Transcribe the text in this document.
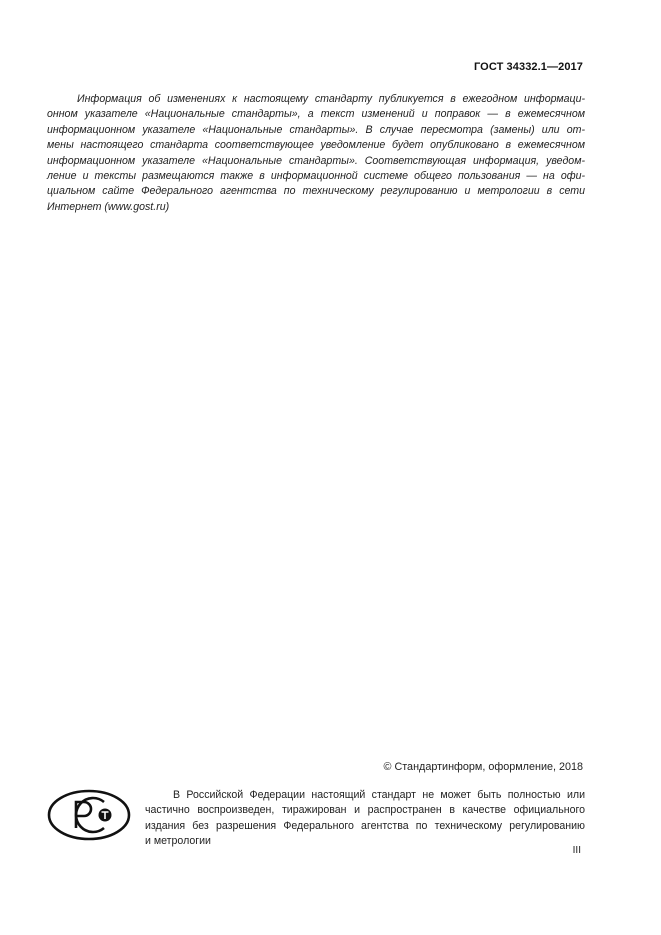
ГОСТ 34332.1—2017
Информация об изменениях к настоящему стандарту публикуется в ежегодном информаци-
онном указателе «Национальные стандарты», а текст изменений и поправок — в ежемесячном
информационном указателе «Национальные стандарты». В случае пересмотра (замены) или от-
мены настоящего стандарта соответствующее уведомление будет опубликовано в ежемесячном
информационном указателе «Национальные стандарты». Соответствующая информация, уведом-
ление и тексты размещаются также в информационной системе общего пользования — на офи-
циальном сайте Федерального агентства по техническому регулированию и метрологии в сети
Интернет (www.gost.ru)
© Стандартинформ, оформление, 2018
В Российской Федерации настоящий стандарт не может быть полностью или
частично воспроизведен, тиражирован и распространен в качестве официального
издания без разрешения Федерального агентства по техническому регулированию
и метрологии
III
